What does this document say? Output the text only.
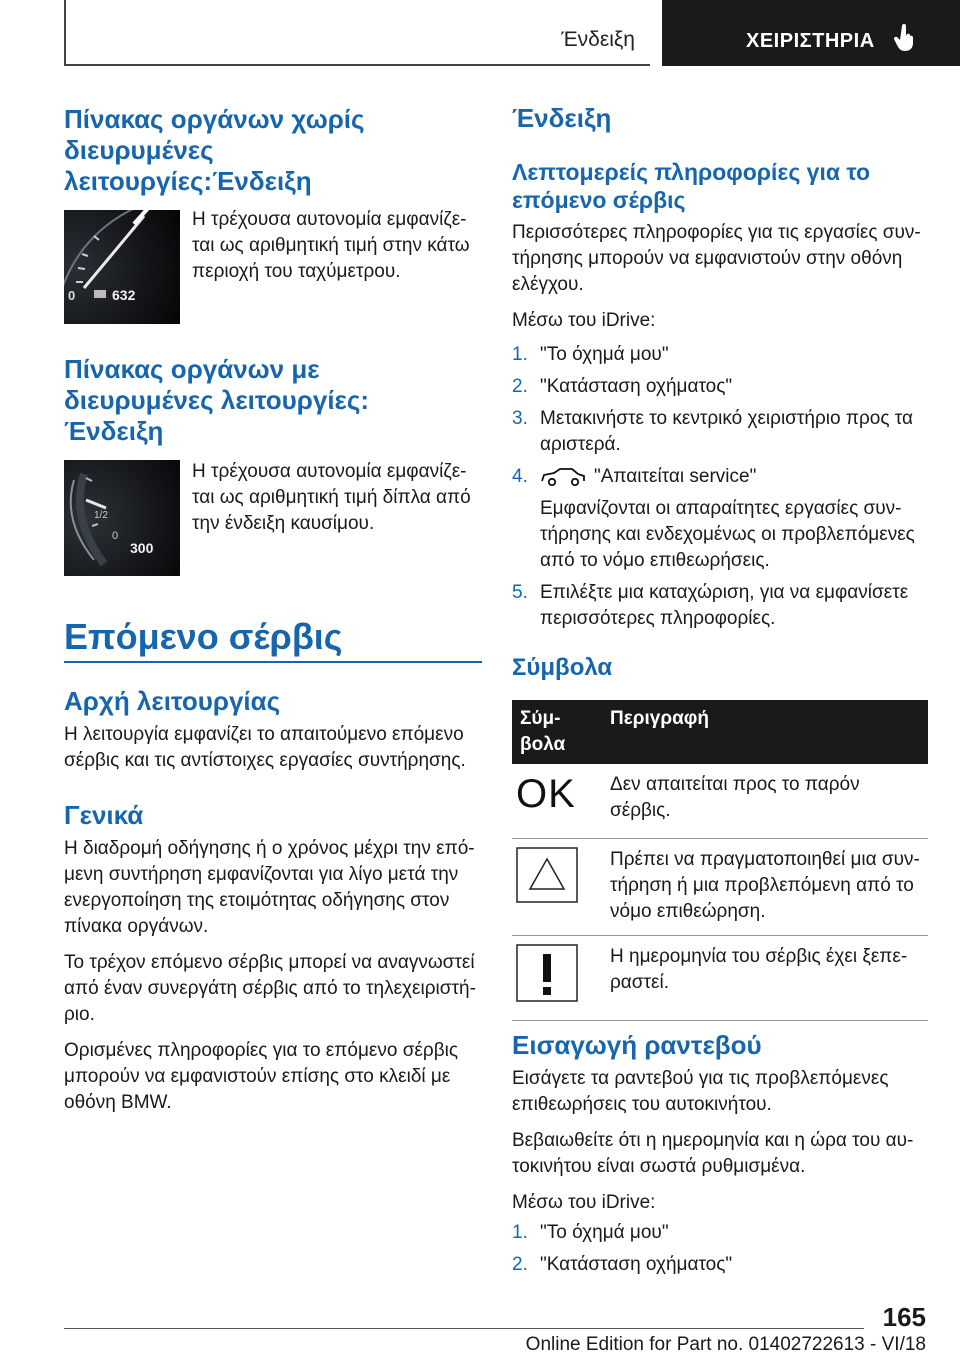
Ένδειξη	ΧΕΙΡΙΣΤΗΡΙΑ
Πίνακας οργάνων χωρίς διευρυμένες λειτουργίες:Ένδειξη
0	632

Η τρέχουσα αυτονομία εμφανίζεται ως αριθμητική τιμή στην κάτω περιοχή του ταχύμετρου.

Πίνακας οργάνων με διευρυμένες λειτουργίες: Ένδειξη
1/2
0
300

Η τρέχουσα αυτονομία εμφανίζεται ως αριθμητική τιμή δίπλα από την ένδειξη καυσίμου.

Επόμενο σέρβις
Αρχή λειτουργίας

Η λειτουργία εμφανίζει το απαιτούμενο επόμενο σέρβις και τις αντίστοιχες εργασίες συντήρησης.

Γενικά

Η διαδρομή οδήγησης ή ο χρόνος μέχρι την επόμενη συντήρηση εμφανίζονται για λίγο μετά την ενεργοποίηση της ετοιμότητας οδήγησης στον πίνακα οργάνων.

Το τρέχον επόμενο σέρβις μπορεί να αναγνωστεί από έναν συνεργάτη σέρβις από το τηλεχειριστήριο.

Ορισμένες πληροφορίες για το επόμενο σέρβις μπορούν να εμφανιστούν επίσης στο κλειδί με οθόνη BMW.

Ένδειξη
Λεπτομερείς πληροφορίες για το επόμενο σέρβις

Περισσότερες πληροφορίες για τις εργασίες συντήρησης μπορούν να εμφανιστούν στην οθόνη ελέγχου.

Μέσω του iDrive:

1. "Το όχημά μου"
2. "Κατάσταση οχήματος"
3. Μετακινήστε το κεντρικό χειριστήριο προς τα αριστερά.
4.	"Απαιτείται service"
Εμφανίζονται οι απαραίτητες εργασίες συντήρησης και ενδεχομένως οι προβλεπόμενες από το νόμο επιθεωρήσεις.
5. Επιλέξτε μια καταχώριση, για να εμφανίσετε περισσότερες πληροφορίες.
Σύμβολα
Σύμβολα	Περιγραφή
OK	Δεν απαιτείται προς το παρόν σέρβις.
	Πρέπει να πραγματοποιηθεί μια συντήρηση ή μια προβλεπόμενη από το νόμο επιθεώρηση.
	Η ημερομηνία του σέρβις έχει ξεπεραστεί.
Εισαγωγή ραντεβού

Εισάγετε τα ραντεβού για τις προβλεπόμενες επιθεωρήσεις του αυτοκινήτου.

Βεβαιωθείτε ότι η ημερομηνία και η ώρα του αυτοκινήτου είναι σωστά ρυθμισμένα.

Μέσω του iDrive:

1. "Το όχημά μου"
2. "Κατάσταση οχήματος"
165
Online Edition for Part no. 01402722613 - VI/18
